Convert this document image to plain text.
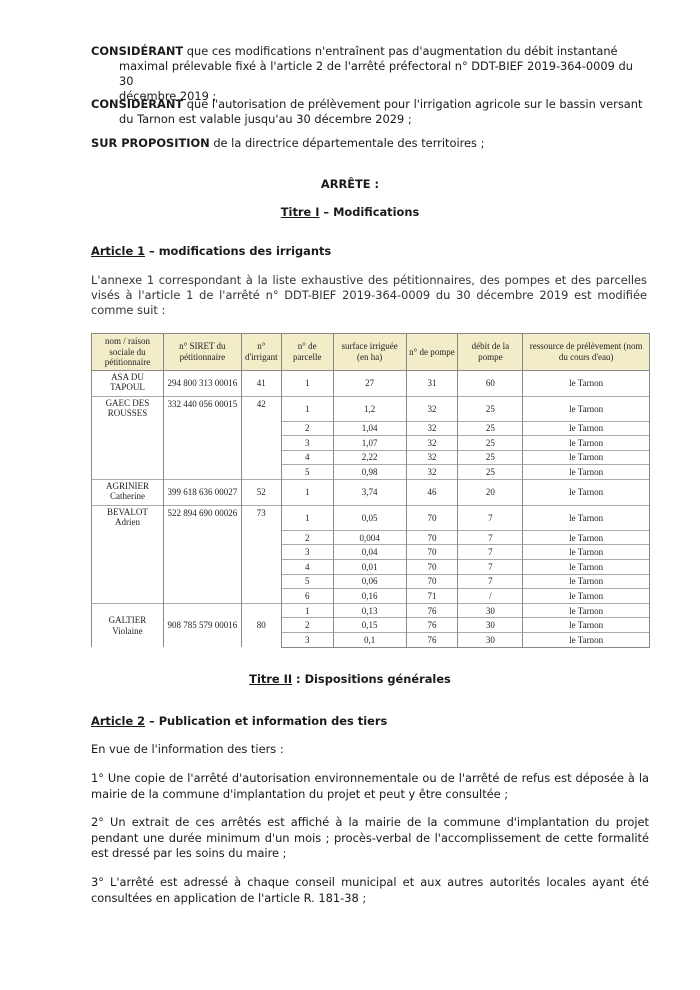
CONSIDÉRANT que ces modifications n'entraînent pas d'augmentation du débit instantané
maximal prélevable fixé à l'article 2 de l'arrêté préfectoral n° DDT-BIEF 2019-364-0009 du 30
décembre 2019 ;
CONSIDÉRANT que l'autorisation de prélèvement pour l'irrigation agricole sur le bassin versant
du Tarnon est valable jusqu'au 30 décembre 2029 ;
SUR PROPOSITION de la directrice départementale des territoires ;
ARRÊTE :
Titre I – Modifications
Article 1 – modifications des irrigants
L'annexe 1 correspondant à la liste exhaustive des pétitionnaires, des pompes et des parcelles visés à l'article 1 de l'arrêté n° DDT-BIEF 2019-364-0009 du 30 décembre 2019 est modifiée comme suit :
nom / raison sociale du pétitionnaire	n° SIRET du pétitionnaire	n° d'irrigant	n° de parcelle	surface irriguée (en ha)	n° de pompe	débit de la pompe	ressource de prélèvement (nom du cours d'eau)
ASA DU TAPOUL	294 800 313 00016	41	1	27	31	60	le Tarnon
GAEC DES ROUSSES	332 440 056 00015	42	1	1,2	32	25	le Tarnon
			2	1,04	32	25	le Tarnon
			3	1,07	32	25	le Tarnon
			4	2,22	32	25	le Tarnon
			5	0,98	32	25	le Tarnon
AGRINIER Catherine	399 618 636 00027	52	1	3,74	46	20	le Tarnon
BEVALOT Adrien	522 894 690 00026	73	1	0,05	70	7	le Tarnon
			2	0,004	70	7	le Tarnon
			3	0,04	70	7	le Tarnon
			4	0,01	70	7	le Tarnon
			5	0,06	70	7	le Tarnon
			6	0,16	71	/	le Tarnon
GALTIER Violaine	908 785 579 00016	80	1	0,13	76	30	le Tarnon
			2	0,15	76	30	le Tarnon
			3	0,1	76	30	le Tarnon
Titre II : Dispositions générales
Article 2 – Publication et information des tiers
En vue de l'information des tiers :
1° Une copie de l'arrêté d'autorisation environnementale ou de l'arrêté de refus est déposée à la mairie de la commune d'implantation du projet et peut y être consultée ;
2° Un extrait de ces arrêtés est affiché à la mairie de la commune d'implantation du projet pendant une durée minimum d'un mois ; procès-verbal de l'accomplissement de cette formalité est dressé par les soins du maire ;
3° L'arrêté est adressé à chaque conseil municipal et aux autres autorités locales ayant été consultées en application de l'article R. 181-38 ;
